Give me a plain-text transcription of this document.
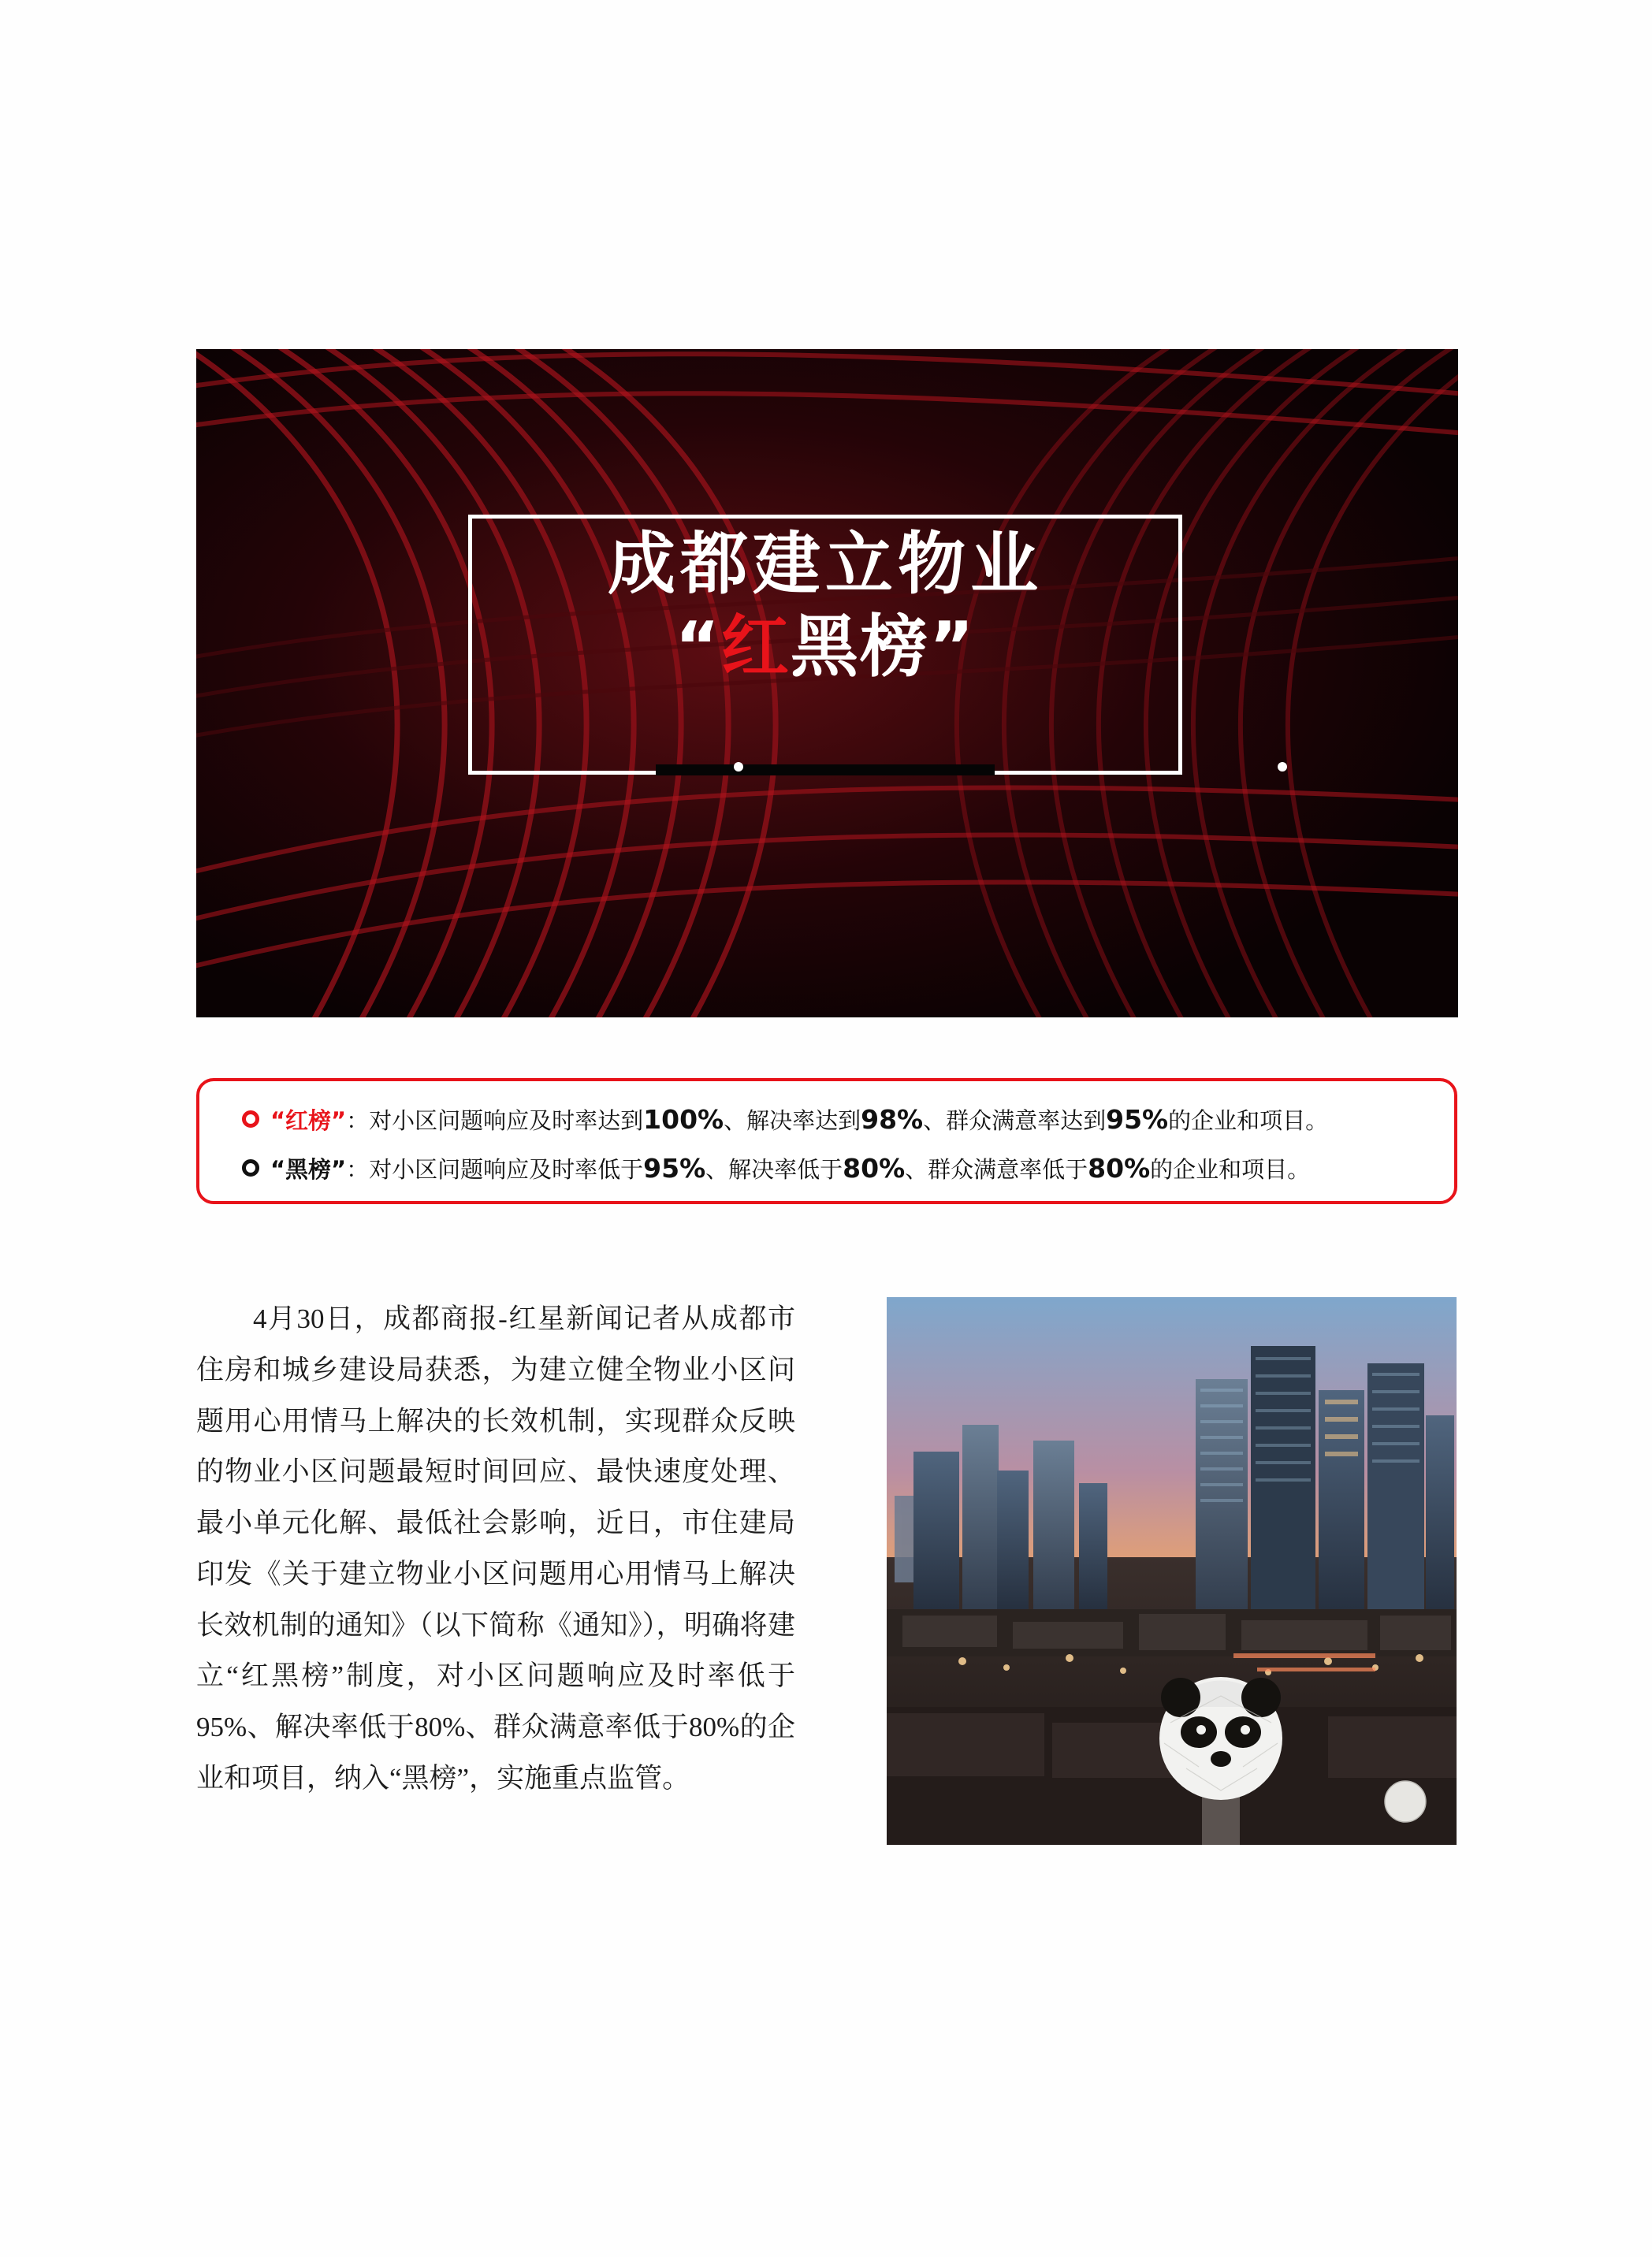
成都建立物业
“红黑榜”
“红榜” ：对小区问题响应及时率达到 100% 、解决率达到 98% 、群众满意率达到 95% 的企业和项目。
“黑榜” ：对小区问题响应及时率低于 95% 、解决率低于 80% 、群众满意率低于 80% 的企业和项目。
4月30日，成都商报-红星新闻记者从成都市住房和城乡建设局获悉，为建立健全物业小区问题用心用情马上解决的长效机制，实现群众反映的物业小区问题最短时间回应、最快速度处理、最小单元化解、最低社会影响，近日，市住建局印发《关于建立物业小区问题用心用情马上解决长效机制的通知》（以下简称《通知》），明确将建立“红黑榜”制度，对小区问题响应及时率低于95%、解决率低于80%、群众满意率低于80%的企业和项目，纳入“黑榜”，实施重点监管。
